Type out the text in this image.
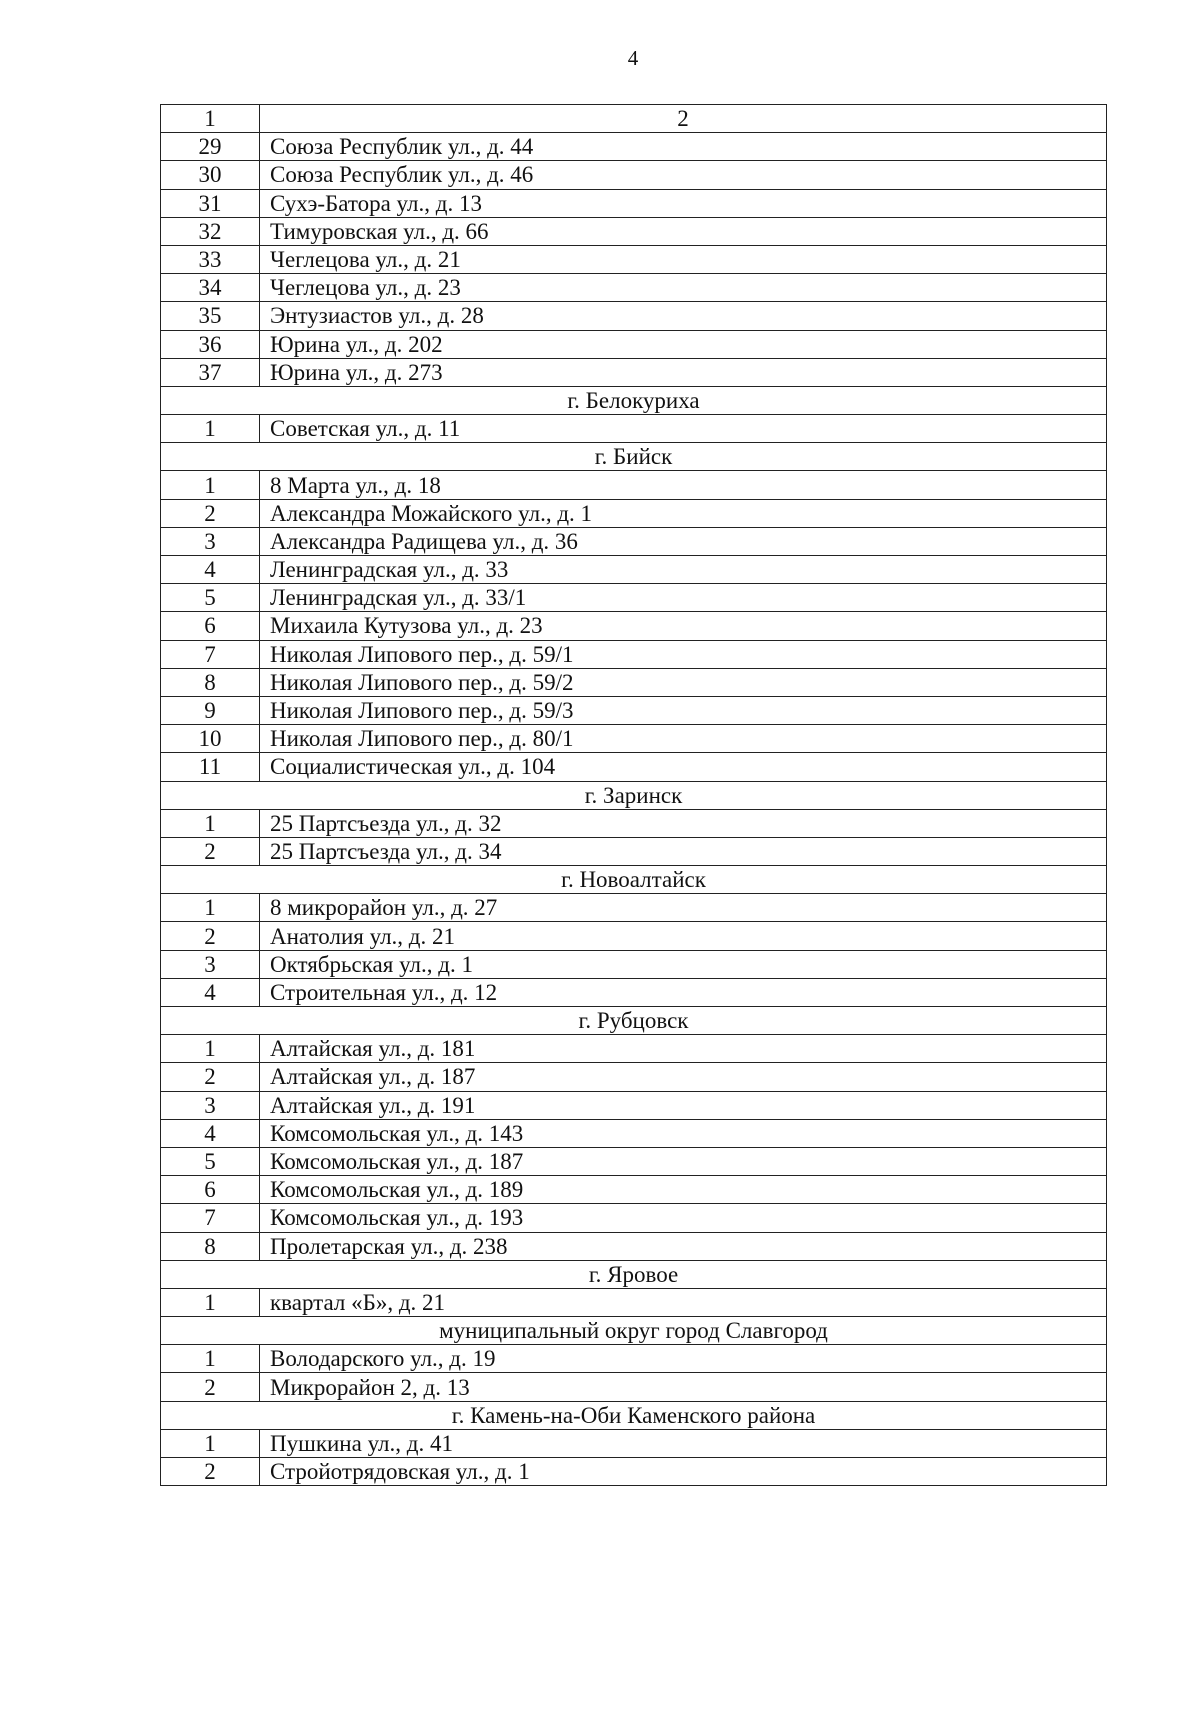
4
1	2
29	Союза Республик ул., д. 44
30	Союза Республик ул., д. 46
31	Сухэ-Батора ул., д. 13
32	Тимуровская ул., д. 66
33	Чеглецова ул., д. 21
34	Чеглецова ул., д. 23
35	Энтузиастов ул., д. 28
36	Юрина ул., д. 202
37	Юрина ул., д. 273
г. Белокуриха	
1	Советская ул., д. 11
г. Бийск	
1	8 Марта ул., д. 18
2	Александра Можайского ул., д. 1
3	Александра Радищева ул., д. 36
4	Ленинградская ул., д. 33
5	Ленинградская ул., д. 33/1
6	Михаила Кутузова ул., д. 23
7	Николая Липового пер., д. 59/1
8	Николая Липового пер., д. 59/2
9	Николая Липового пер., д. 59/3
10	Николая Липового пер., д. 80/1
11	Социалистическая ул., д. 104
г. Заринск	
1	25 Партсъезда ул., д. 32
2	25 Партсъезда ул., д. 34
г. Новоалтайск	
1	8 микрорайон ул., д. 27
2	Анатолия ул., д. 21
3	Октябрьская ул., д. 1
4	Строительная ул., д. 12
г. Рубцовск	
1	Алтайская ул., д. 181
2	Алтайская ул., д. 187
3	Алтайская ул., д. 191
4	Комсомольская ул., д. 143
5	Комсомольская ул., д. 187
6	Комсомольская ул., д. 189
7	Комсомольская ул., д. 193
8	Пролетарская ул., д. 238
г. Яровое	
1	квартал «Б», д. 21
муниципальный округ город Славгород	
1	Володарского ул., д. 19
2	Микрорайон 2, д. 13
г. Камень-на-Оби Каменского района	
1	Пушкина ул., д. 41
2	Стройотрядовская ул., д. 1
